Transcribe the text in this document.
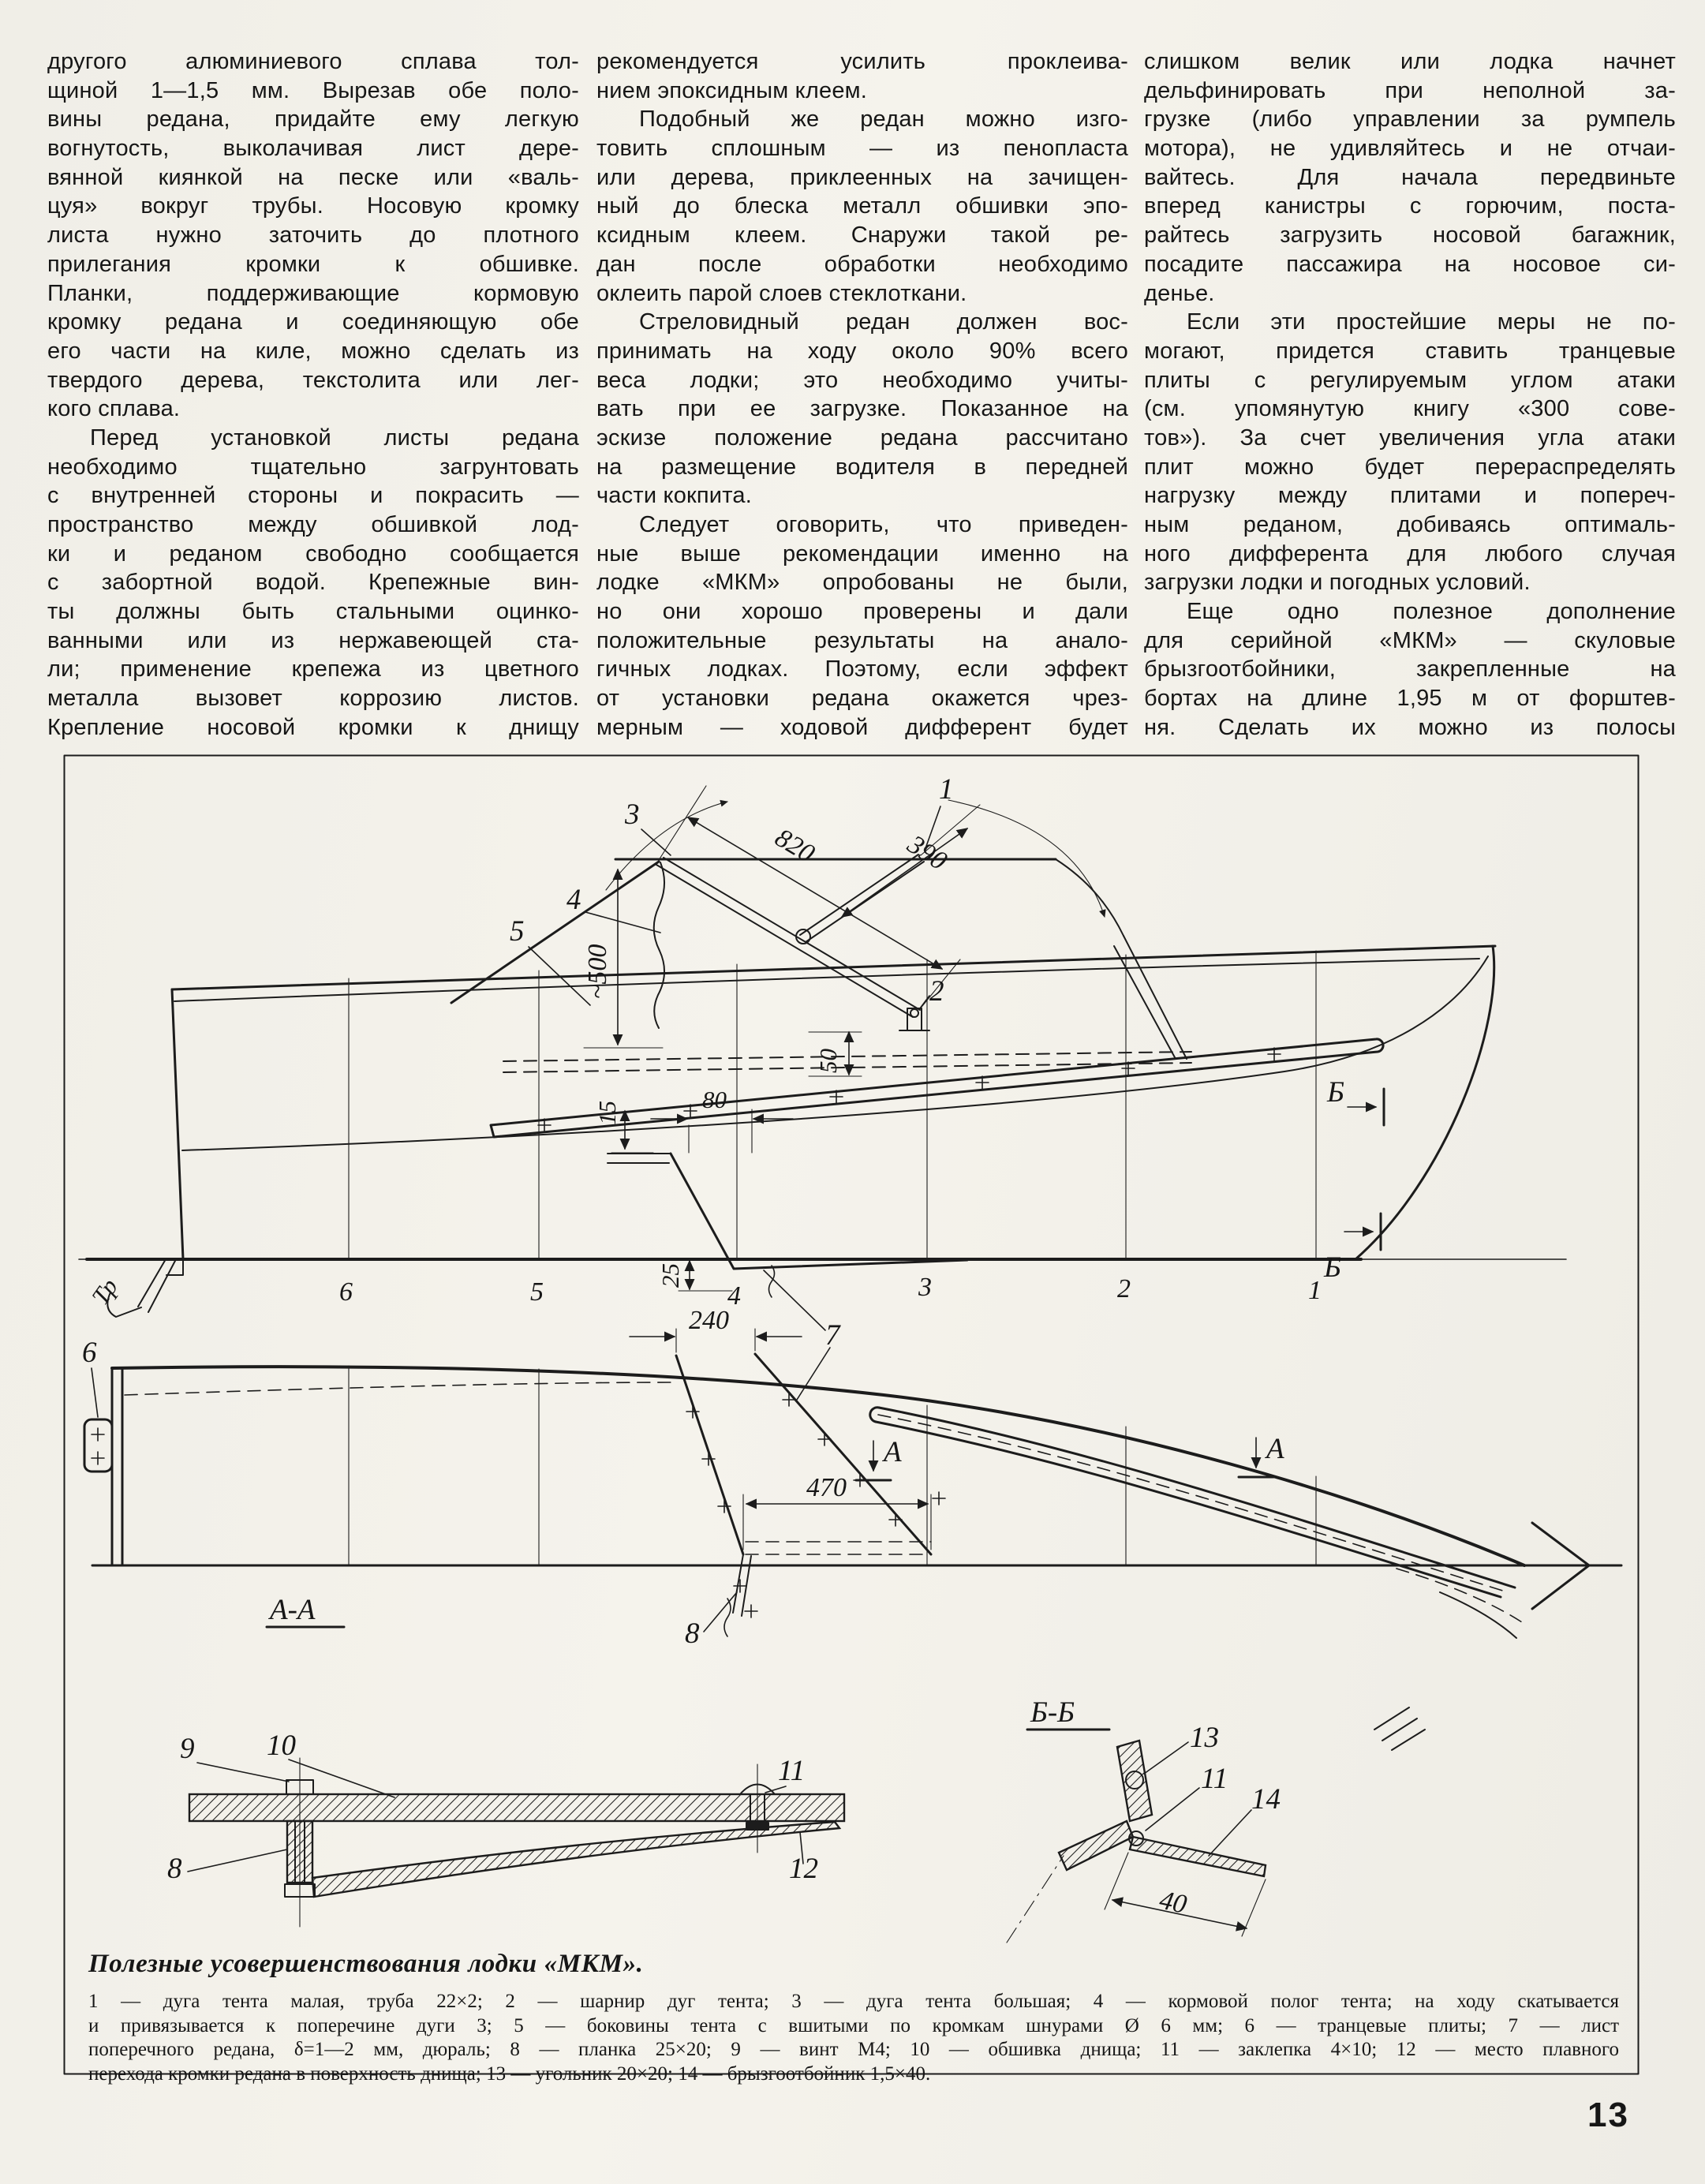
другого алюминиевого сплава тол-
щиной 1—1,5 мм. Вырезав обе поло-
вины редана, придайте ему легкую
вогнутость, выколачивая лист дере-
вянной киянкой на песке или «валь-
цуя» вокруг трубы. Носовую кромку
листа нужно заточить до плотного
прилегания кромки к обшивке.
Планки, поддерживающие кормовую
кромку редана и соединяющую обе
его части на киле, можно сделать из
твердого дерева, текстолита или лег-
кого сплава.
Перед установкой листы редана
необходимо тщательно загрунтовать
с внутренней стороны и покрасить —
пространство между обшивкой лод-
ки и реданом свободно сообщается
с забортной водой. Крепежные вин-
ты должны быть стальными оцинко-
ванными или из нержавеющей ста-
ли; применение крепежа из цветного
металла вызовет коррозию листов.
Крепление носовой кромки к днищу
рекомендуется усилить проклеива-
нием эпоксидным клеем.
Подобный же редан можно изго-
товить сплошным — из пенопласта
или дерева, приклеенных на зачищен-
ный до блеска металл обшивки эпо-
ксидным клеем. Снаружи такой ре-
дан после обработки необходимо
оклеить парой слоев стеклоткани.
Стреловидный редан должен вос-
принимать на ходу около 90% всего
веса лодки; это необходимо учиты-
вать при ее загрузке. Показанное на
эскизе положение редана рассчитано
на размещение водителя в передней
части кокпита.
Следует оговорить, что приведен-
ные выше рекомендации именно на
лодке «МКМ» опробованы не были,
но они хорошо проверены и дали
положительные результаты на анало-
гичных лодках. Поэтому, если эффект
от установки редана окажется чрез-
мерным — ходовой дифферент будет
слишком велик или лодка начнет
дельфинировать при неполной за-
грузке (либо управлении за румпель
мотора), не удивляйтесь и не отчаи-
вайтесь. Для начала передвиньте
вперед канистры с горючим, поста-
райтесь загрузить носовой багажник,
посадите пассажира на носовое си-
денье.
Если эти простейшие меры не по-
могают, придется ставить транцевые
плиты с регулируемым углом атаки
(см. упомянутую книгу «300 сове-
тов»). За счет увеличения угла атаки
плит можно будет перераспределять
нагрузку между плитами и попереч-
ным реданом, добиваясь оптималь-
ного дифферента для любого случая
загрузки лодки и погодных условий.
Еще одно полезное дополнение
для серийной «МКМ» — скуловые
брызгоотбойники, закрепленные на
бортах на длине 1,95 м от форштев-
ня. Сделать их можно из полосы
Тр	6	5	4	3	2	1
15	80
25
Б
Б
820	390
~500
50
3
1
4
5
2
7
6
240
470
А	А
8
А-А
9 10
8
11
12
Б-Б
40
13
11
14
Полезные усовершенствования лодки «МКМ».
1 — дуга тента малая, труба 22×2; 2 — шарнир дуг тента; 3 — дуга тента большая; 4 — кормовой полог тента; на ходу скатывается
и привязывается к поперечине дуги 3; 5 — боковины тента с вшитыми по кромкам шнурами Ø 6 мм; 6 — транцевые плиты; 7 — лист
поперечного редана, δ=1—2 мм, дюраль; 8 — планка 25×20; 9 — винт М4; 10 — обшивка днища; 11 — заклепка 4×10; 12 — место плавного
перехода кромки редана в поверхность днища; 13 — угольник 20×20; 14 — брызгоотбойник 1,5×40.
13
